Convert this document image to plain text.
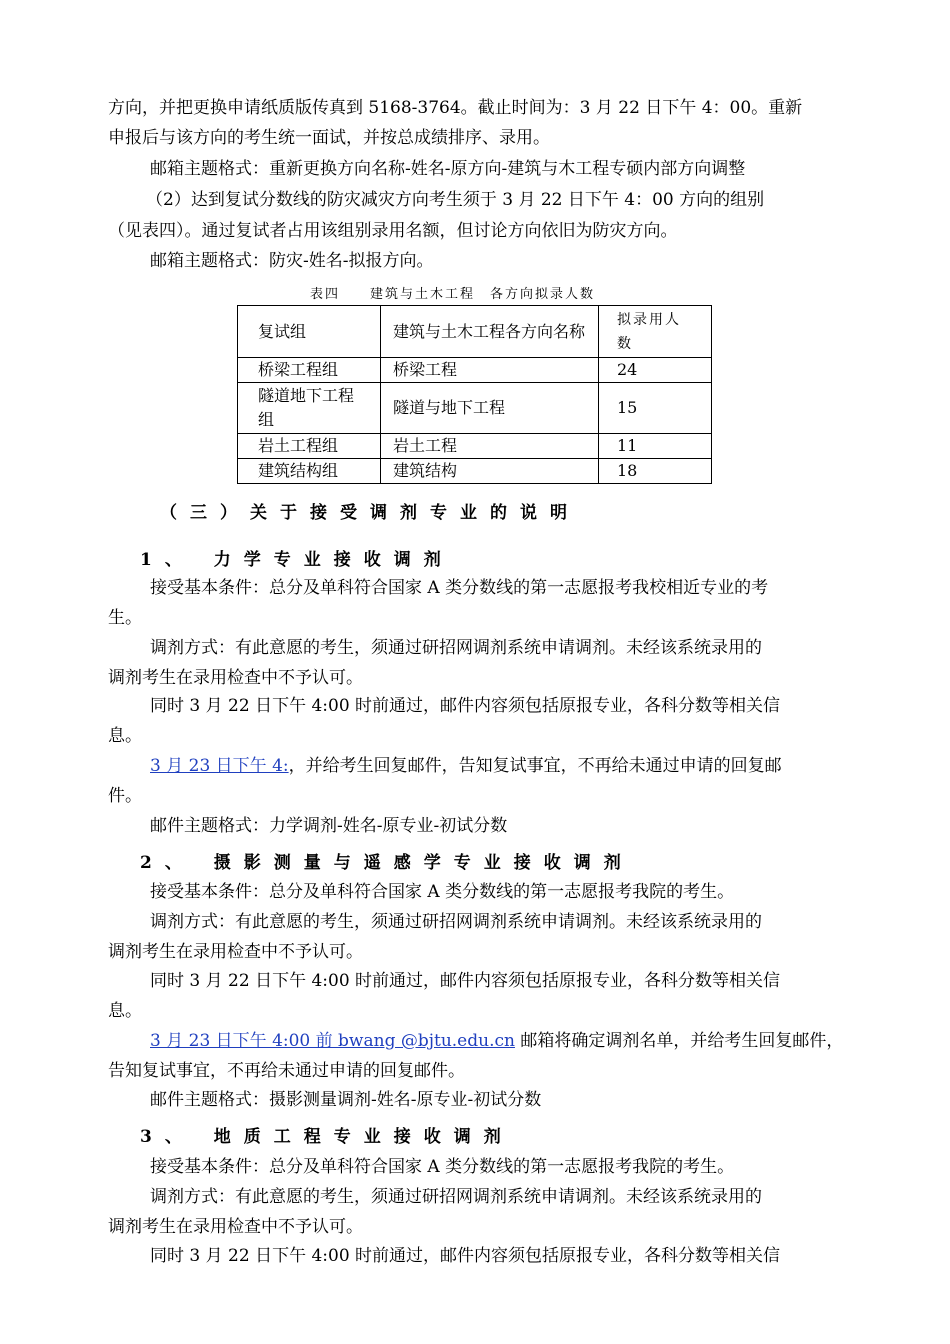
方向，并把更换申请纸质版传真到 5168-3764。截止时间为：3 月 22 日下午 4：00。重新
申报后与该方向的考生统一面试，并按总成绩排序、录用。
邮箱主题格式：重新更换方向名称-姓名-原方向-建筑与木工程专硕内部方向调整
（2）达到复试分数线的防灾减灾方向考生须于 3 月 22 日下午 4：00 方向的组别
（见表四）。通过复试者占用该组别录用名额，但讨论方向依旧为防灾方向。
邮箱主题格式：防灾-姓名-拟报方向。
表四 建筑与土木工程　各方向拟录人数
复试组	建筑与土木工程各方向名称	拟录用人数

桥梁工程组	桥梁工程	24

隧道地下工程组	隧道与地下工程	15
岩土工程组	岩土工程	11
建筑结构组	建筑结构	18
（三）关于接受调剂专业的说明
1、 力学专业接收调剂
接受基本条件：总分及单科符合国家 A 类分数线的第一志愿报考我校相近专业的考
生。
调剂方式：有此意愿的考生，须通过研招网调剂系统申请调剂。未经该系统录用的
调剂考生在录用检查中不予认可。
同时 3 月 22 日下午 4:00 时前通过，邮件内容须包括原报专业，各科分数等相关信
息。
3 月 23 日下午 4:，并给考生回复邮件，告知复试事宜，不再给未通过申请的回复邮
件。
邮件主题格式：力学调剂-姓名-原专业-初试分数
2、 摄影测量与遥感学专业接收调剂
接受基本条件：总分及单科符合国家 A 类分数线的第一志愿报考我院的考生。
调剂方式：有此意愿的考生，须通过研招网调剂系统申请调剂。未经该系统录用的
调剂考生在录用检查中不予认可。
同时 3 月 22 日下午 4:00 时前通过，邮件内容须包括原报专业，各科分数等相关信
息。
3 月 23 日下午 4:00 前 bwang @bjtu.edu.cn 邮箱将确定调剂名单，并给考生回复邮件，
告知复试事宜，不再给未通过申请的回复邮件。
邮件主题格式：摄影测量调剂-姓名-原专业-初试分数
3、 地质工程专业接收调剂
接受基本条件：总分及单科符合国家 A 类分数线的第一志愿报考我院的考生。
调剂方式：有此意愿的考生，须通过研招网调剂系统申请调剂。未经该系统录用的
调剂考生在录用检查中不予认可。
同时 3 月 22 日下午 4:00 时前通过，邮件内容须包括原报专业，各科分数等相关信
